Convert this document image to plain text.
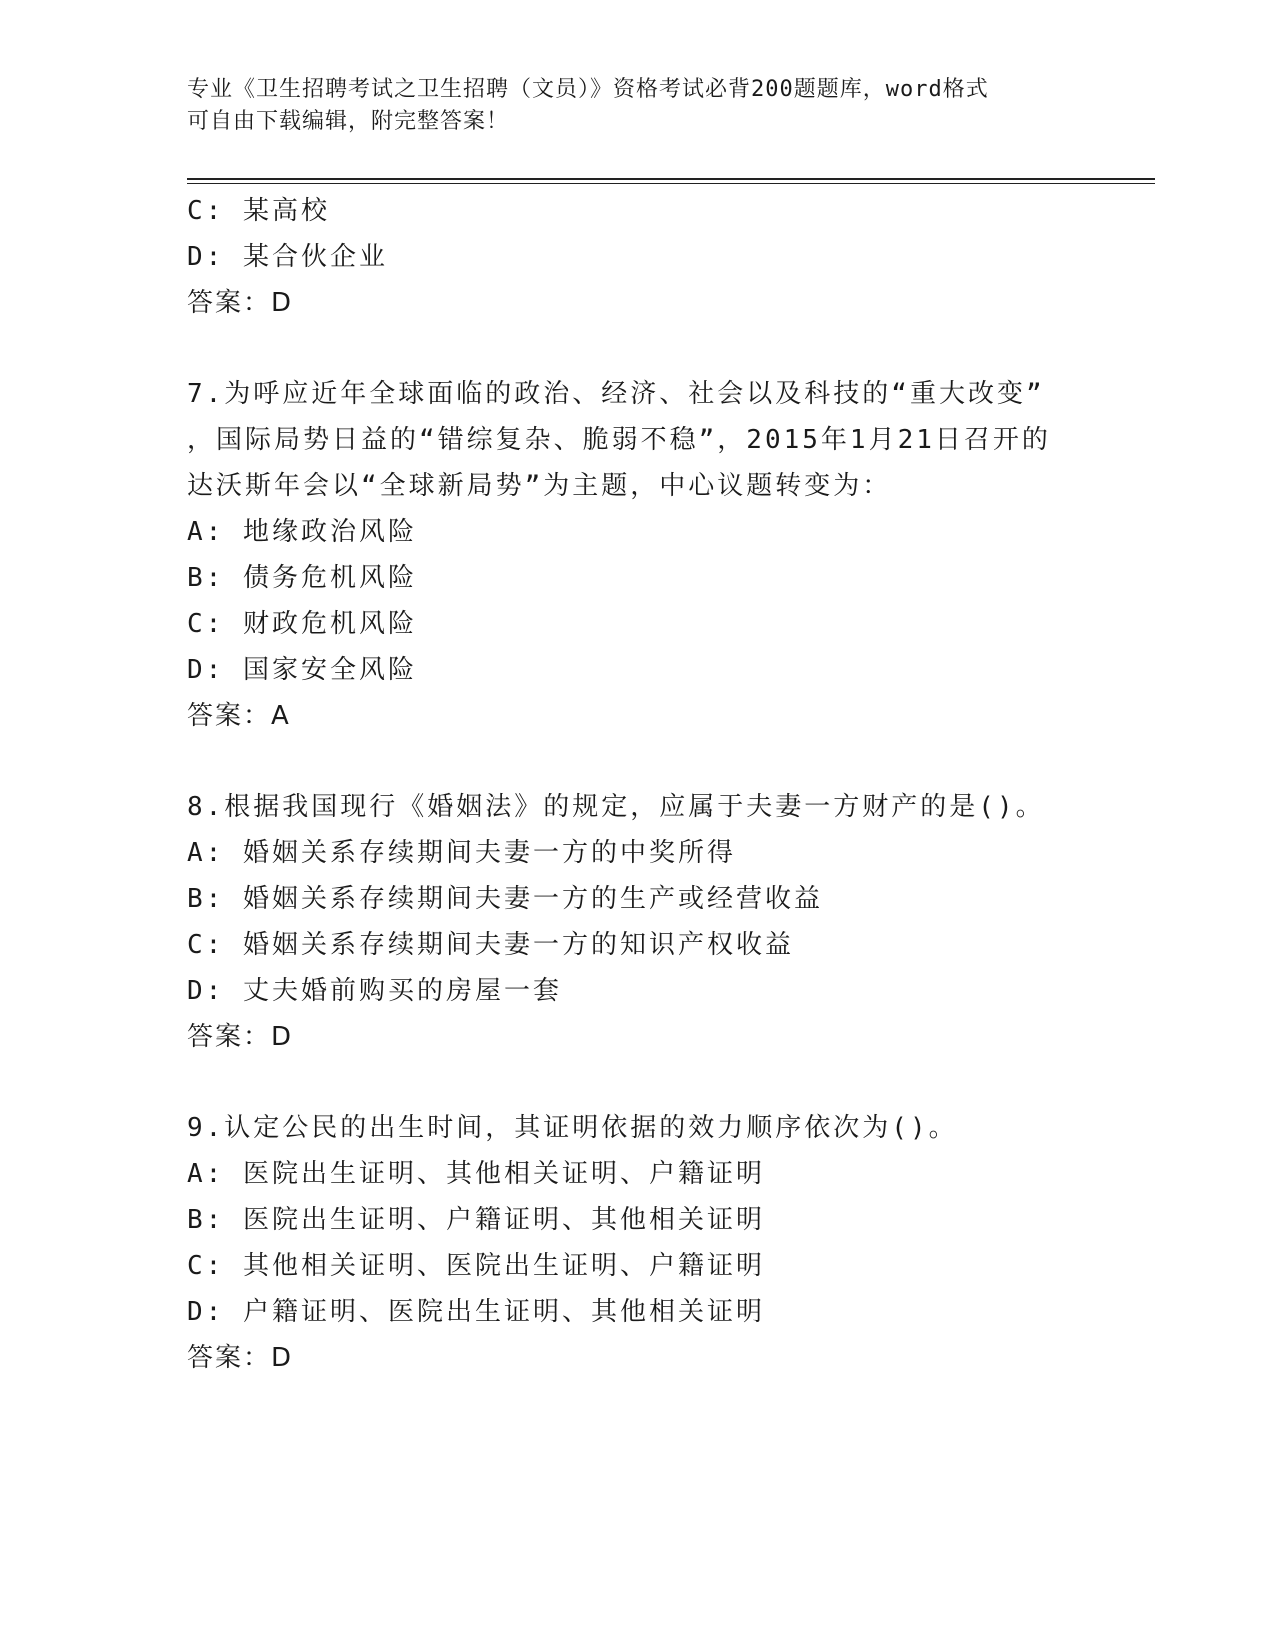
专业《卫生招聘考试之卫生招聘（文员）》资格考试必背200题题库，word格式
可自由下载编辑，附完整答案！
C: 某高校
D: 某合伙企业
答案：D
7.为呼应近年全球面临的政治、经济、社会以及科技的“重大改变”
，国际局势日益的“错综复杂、脆弱不稳”，2015年1月21日召开的
达沃斯年会以“全球新局势”为主题，中心议题转变为：
A: 地缘政治风险
B: 债务危机风险
C: 财政危机风险
D: 国家安全风险
答案：A
8.根据我国现行《婚姻法》的规定，应属于夫妻一方财产的是()。
A: 婚姻关系存续期间夫妻一方的中奖所得
B: 婚姻关系存续期间夫妻一方的生产或经营收益
C: 婚姻关系存续期间夫妻一方的知识产权收益
D: 丈夫婚前购买的房屋一套
答案：D
9.认定公民的出生时间，其证明依据的效力顺序依次为()。
A: 医院出生证明、其他相关证明、户籍证明
B: 医院出生证明、户籍证明、其他相关证明
C: 其他相关证明、医院出生证明、户籍证明
D: 户籍证明、医院出生证明、其他相关证明
答案：D
